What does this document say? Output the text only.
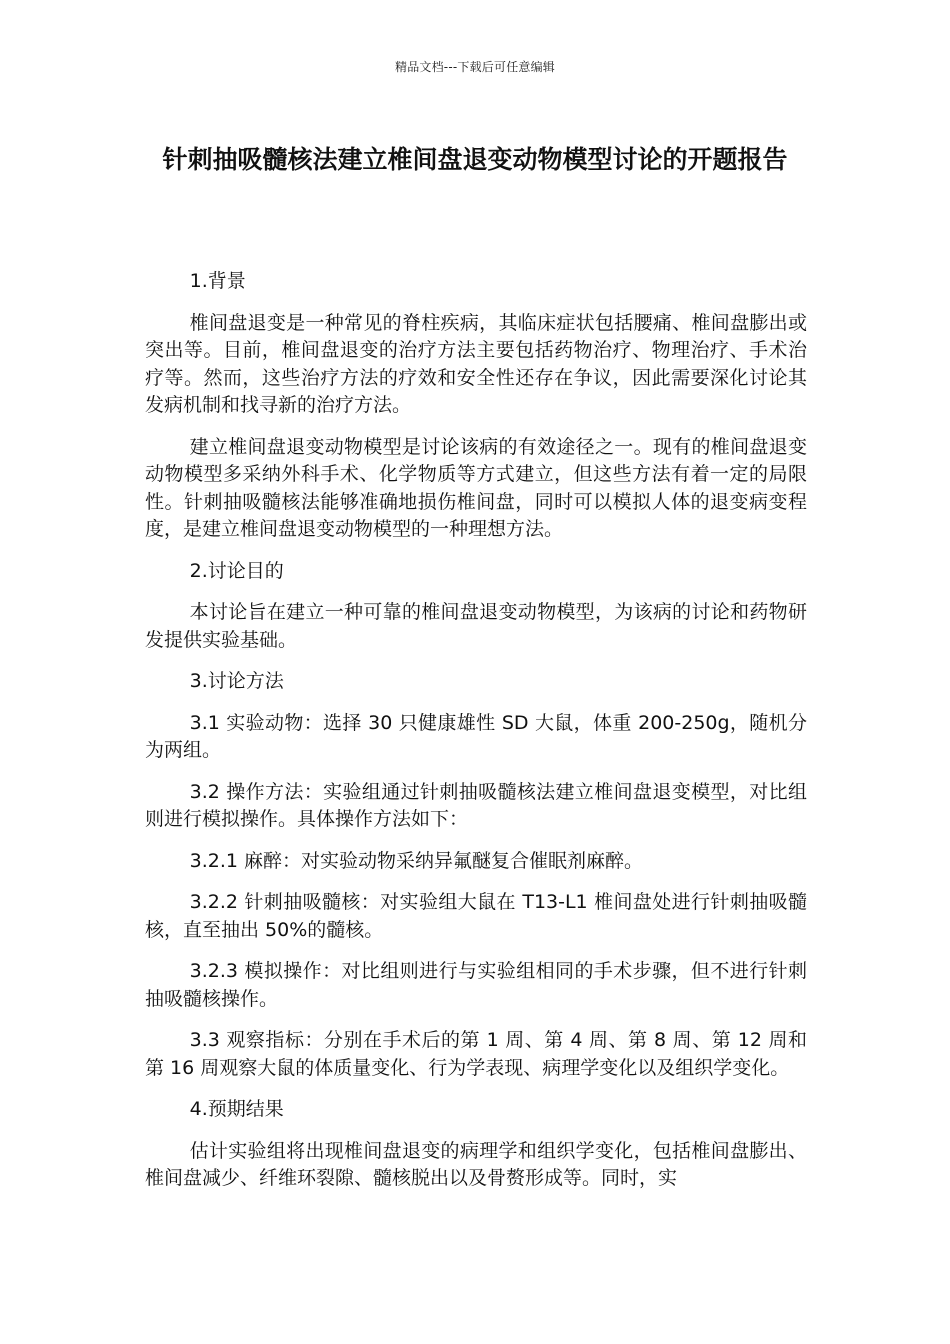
精品文档---下载后可任意编辑
针刺抽吸髓核法建立椎间盘退变动物模型讨论的开题报告

1.背景

椎间盘退变是一种常见的脊柱疾病，其临床症状包括腰痛、椎间盘膨出或突出等。目前，椎间盘退变的治疗方法主要包括药物治疗、物理治疗、手术治疗等。然而，这些治疗方法的疗效和安全性还存在争议，因此需要深化讨论其发病机制和找寻新的治疗方法。

建立椎间盘退变动物模型是讨论该病的有效途径之一。现有的椎间盘退变动物模型多采纳外科手术、化学物质等方式建立，但这些方法有着一定的局限性。针刺抽吸髓核法能够准确地损伤椎间盘，同时可以模拟人体的退变病变程度，是建立椎间盘退变动物模型的一种理想方法。

2.讨论目的

本讨论旨在建立一种可靠的椎间盘退变动物模型，为该病的讨论和药物研发提供实验基础。

3.讨论方法

3.1 实验动物：选择 30 只健康雄性 SD 大鼠，体重 200-250g，随机分为两组。

3.2 操作方法：实验组通过针刺抽吸髓核法建立椎间盘退变模型，对比组则进行模拟操作。具体操作方法如下：

3.2.1 麻醉：对实验动物采纳异氟醚复合催眠剂麻醉。

3.2.2 针刺抽吸髓核：对实验组大鼠在 T13-L1 椎间盘处进行针刺抽吸髓核，直至抽出 50%的髓核。

3.2.3 模拟操作：对比组则进行与实验组相同的手术步骤，但不进行针刺抽吸髓核操作。

3.3 观察指标：分别在手术后的第 1 周、第 4 周、第 8 周、第 12 周和第 16 周观察大鼠的体质量变化、行为学表现、病理学变化以及组织学变化。

4.预期结果

估计实验组将出现椎间盘退变的病理学和组织学变化，包括椎间盘膨出、椎间盘减少、纤维环裂隙、髓核脱出以及骨赘形成等。同时，实
